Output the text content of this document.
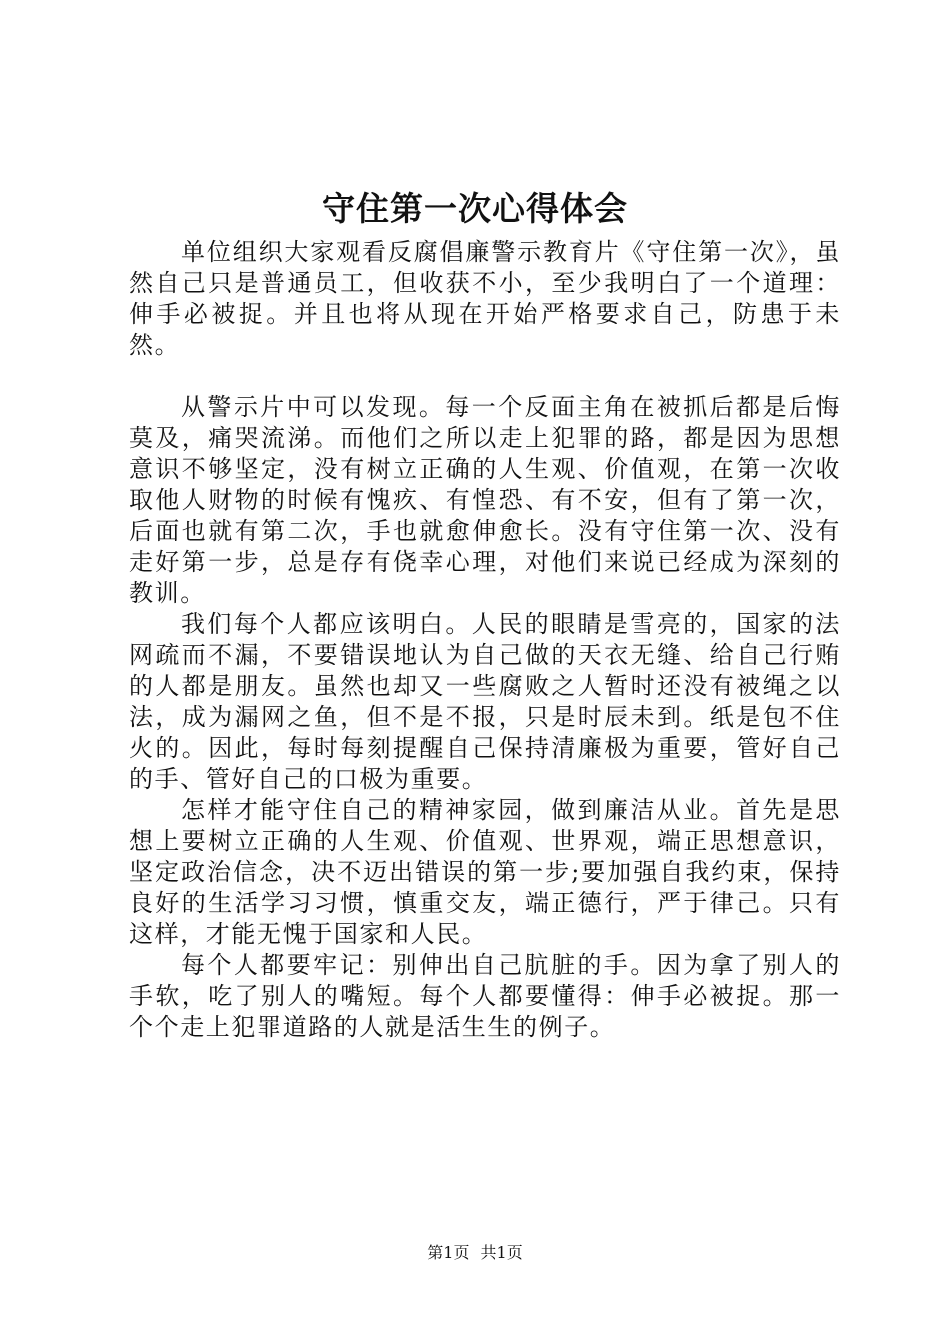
守住第一次心得体会

单位组织大家观看反腐倡廉警示教育片《守住第一次》，虽然自己只是普通员工，但收获不小，至少我明白了一个道理：伸手必被捉。并且也将从现在开始严格要求自己，防患于未然。

从警示片中可以发现。每一个反面主角在被抓后都是后悔莫及，痛哭流涕。而他们之所以走上犯罪的路，都是因为思想意识不够坚定，没有树立正确的人生观、价值观，在第一次收取他人财物的时候有愧疚、有惶恐、有不安，但有了第一次，后面也就有第二次，手也就愈伸愈长。没有守住第一次、没有走好第一步，总是存有侥幸心理，对他们来说已经成为深刻的教训。

我们每个人都应该明白。人民的眼睛是雪亮的，国家的法网疏而不漏，不要错误地认为自己做的天衣无缝、给自己行贿的人都是朋友。虽然也却又一些腐败之人暂时还没有被绳之以法，成为漏网之鱼，但不是不报，只是时辰未到。纸是包不住火的。因此，每时每刻提醒自己保持清廉极为重要，管好自己的手、管好自己的口极为重要。

怎样才能守住自己的精神家园，做到廉洁从业。首先是思想上要树立正确的人生观、价值观、世界观，端正思想意识，坚定政治信念，决不迈出错误的第一步;要加强自我约束，保持良好的生活学习习惯，慎重交友，端正德行，严于律己。只有这样，才能无愧于国家和人民。

每个人都要牢记：别伸出自己肮脏的手。因为拿了别人的手软，吃了别人的嘴短。每个人都要懂得：伸手必被捉。那一个个走上犯罪道路的人就是活生生的例子。

第1页 共1页
